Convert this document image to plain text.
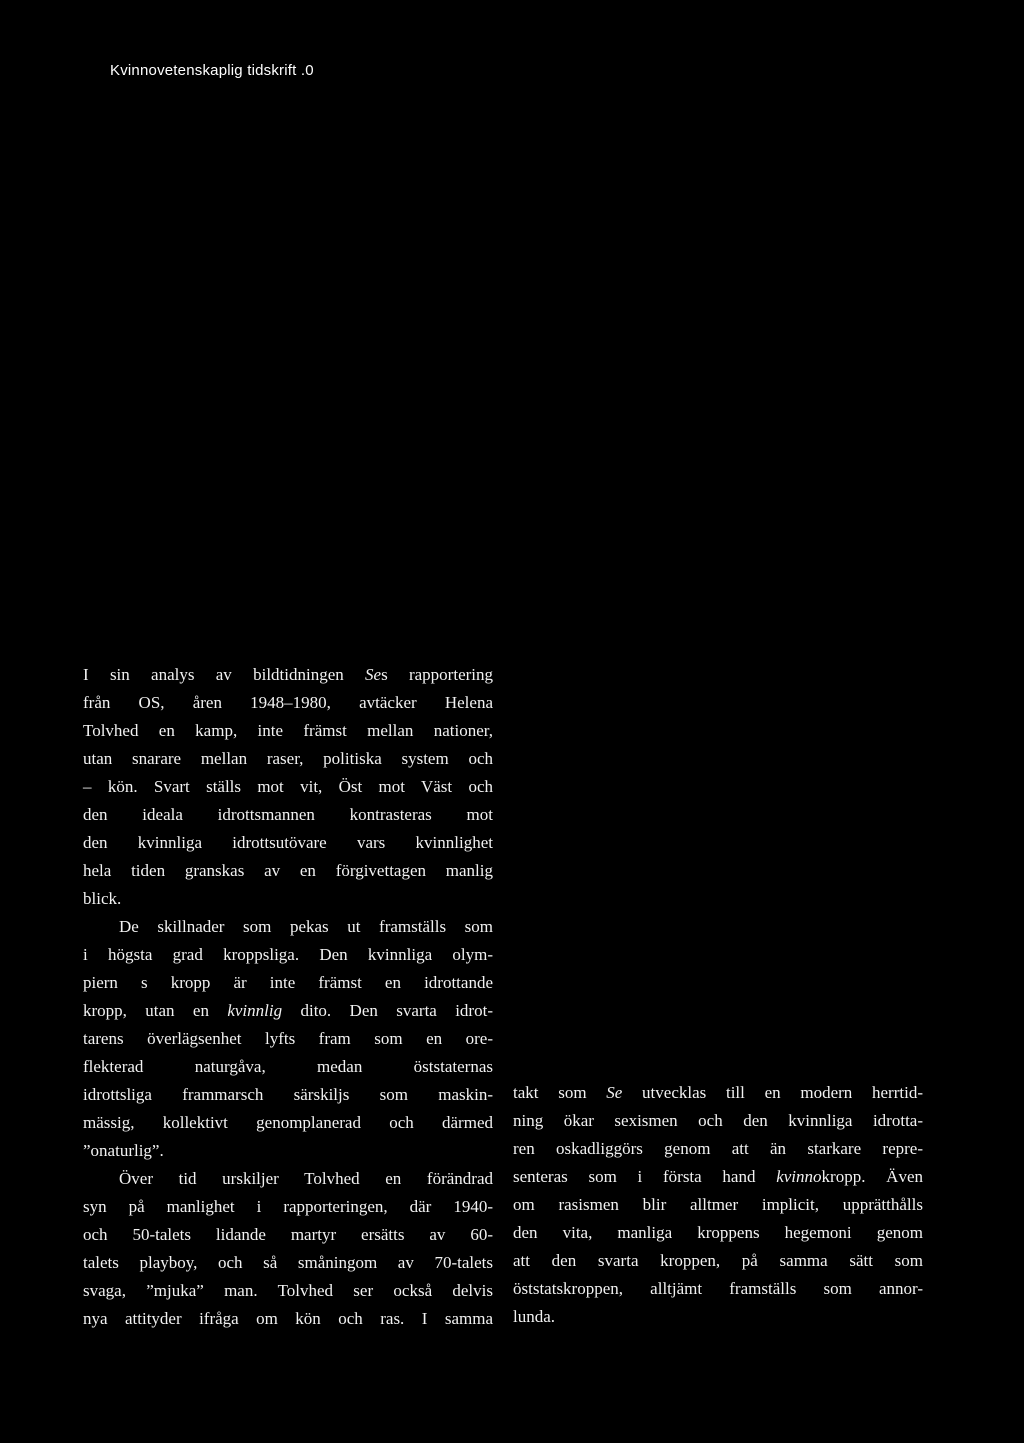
Kvinnovetenskaplig tidskrift .0
I sin analys av bildtidningen Ses rapportering
från OS, åren 1948–1980, avtäcker Helena
Tolvhed en kamp, inte främst mellan nationer,
utan snarare mellan raser, politiska system och
– kön. Svart ställs mot vit, Öst mot Väst och
den ideala idrottsmannen kontrasteras mot
den kvinnliga idrottsutövare vars kvinnlighet
hela tiden granskas av en förgivettagen manlig
blick.
De skillnader som pekas ut framställs som
i högsta grad kroppsliga. Den kvinnliga olym-
piern s kropp är inte främst en idrottande
kropp, utan en kvinnlig dito. Den svarta idrot-
tarens överlägsenhet lyfts fram som en ore-
flekterad naturgåva, medan öststaternas
idrottsliga frammarsch särskiljs som maskin-
mässig, kollektivt genomplanerad och därmed
”onaturlig”.
Över tid urskiljer Tolvhed en förändrad
syn på manlighet i rapporteringen, där 1940-
och 50-talets lidande martyr ersätts av 60-
talets playboy, och så småningom av 70-talets
svaga, ”mjuka” man. Tolvhed ser också delvis
nya attityder ifråga om kön och ras. I samma
takt som Se utvecklas till en modern herrtid-
ning ökar sexismen och den kvinnliga idrotta-
ren oskadliggörs genom att än starkare repre-
senteras som i första hand kvinnokropp. Även
om rasismen blir alltmer implicit, upprätthålls
den vita, manliga kroppens hegemoni genom
att den svarta kroppen, på samma sätt som
öststatskroppen, alltjämt framställs som annor-
lunda.
